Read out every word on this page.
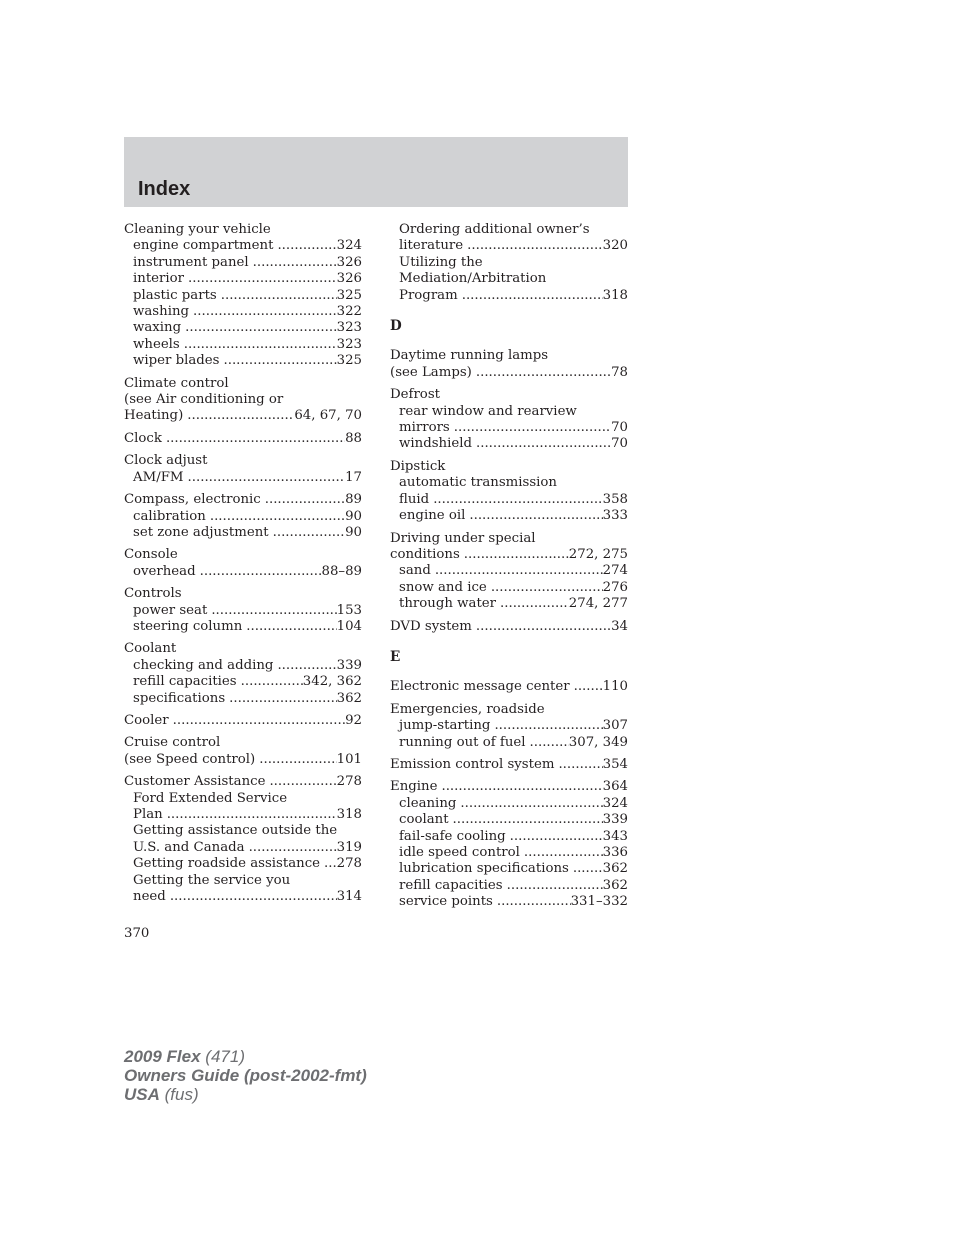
Index
Cleaning your vehicle
engine compartment .....	324
instrument panel .....	326
interior .....	326
plastic parts .....	325
washing .....	322
waxing .....	323
wheels .....	323
wiper blades .....	325
Climate control
(see Air conditioning or
Heating) .....	64, 67, 70
Clock .....	88
Clock adjust
AM/FM .....	17
Compass, electronic .....	89
calibration .....	90
set zone adjustment .....	90
Console
overhead .....	88–89
Controls
power seat .....	153
steering column .....	104
Coolant
checking and adding .....	339
refill capacities .....	342, 362
specifications .....	362
Cooler .....	92
Cruise control
(see Speed control) .....	101
Customer Assistance .....	278
Ford Extended Service
Plan .....	318
Getting assistance outside the
U.S. and Canada .....	319
Getting roadside assistance .....	278
Getting the service you
need .....	314
Ordering additional owner’s
literature .....	320
Utilizing the
Mediation/Arbitration
Program .....	318
D
Daytime running lamps
(see Lamps) .....	78
Defrost
rear window and rearview
mirrors .....	70
windshield .....	70
Dipstick
automatic transmission
fluid .....	358
engine oil .....	333
Driving under special
conditions .....	272, 275
sand .....	274
snow and ice .....	276
through water .....	274, 277
DVD system .....	34
E
Electronic message center .....	110
Emergencies, roadside
jump-starting .....	307
running out of fuel .....	307, 349
Emission control system .....	354
Engine .....	364
cleaning .....	324
coolant .....	339
fail-safe cooling .....	343
idle speed control .....	336
lubrication specifications .....	362
refill capacities .....	362
service points .....	331–332
370
2009 Flex (471)
Owners Guide (post-2002-fmt)
USA (fus)
